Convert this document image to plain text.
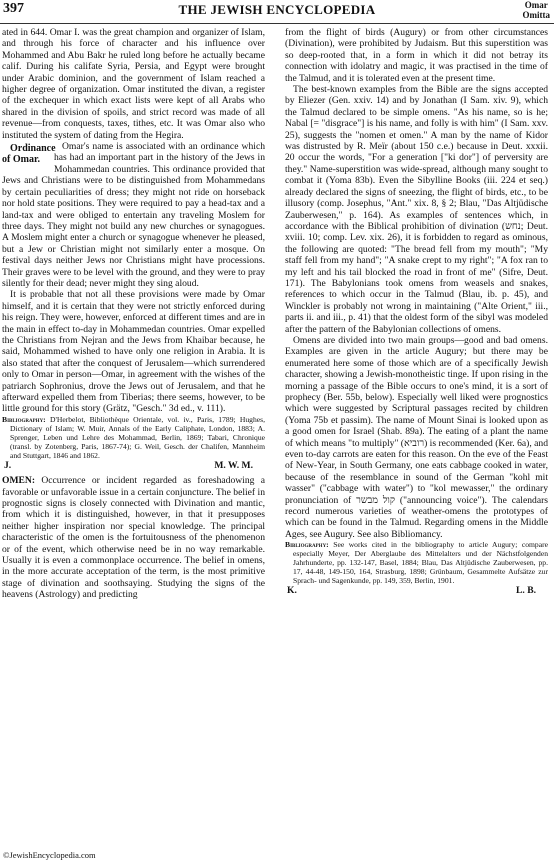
397	THE JEWISH ENCYCLOPEDIA	Omar
Omitta

ated in 644. Omar I. was the great champion and organizer of Islam, and through his force of character and his influence over Mohammed and Abu Bakr he ruled long before he actually became calif. During his califate Syria, Persia, and Egypt were brought under Arabic dominion, and the government of Islam reached a higher degree of organization. Omar instituted the divan, a register of the exchequer in which exact lists were kept of all Arabs who shared in the division of spoils, and strict record was made of all revenue—from conquests, taxes, tithes, etc. It was Omar also who instituted the system of dating from the Hegira.

Ordinance
of Omar.
Omar's name is associated with an ordinance which has had an important part in the history of the Jews in Mohammedan countries. This ordinance provided that Jews and Christians were to be distinguished from Mohammedans by certain peculiarities of dress; they might not ride on horseback nor hold state positions. They were required to pay a head-tax and a land-tax and were obliged to entertain any traveling Moslem for three days. They might not build any new churches or synagogues. A Moslem might enter a church or synagogue whenever he pleased, but a Jew or Christian might not similarly enter a mosque. On festival days neither Jews nor Christians might have processions. Their graves were to be level with the ground, and they were to pray silently for their dead; never might they sing aloud.

It is probable that not all these provisions were made by Omar himself, and it is certain that they were not strictly enforced during his reign. They were, however, enforced at different times and are in the main in effect to-day in Mohammedan countries. Omar expelled the Christians from Nejran and the Jews from Khaibar because, he said, Mohammed wished to have only one religion in Arabia. It is also stated that after the conquest of Jerusalem—which surrendered only to Omar in person—Omar, in agreement with the wishes of the patriarch Sophronius, drove the Jews out of Jerusalem, and that he afterward expelled them from Tiberias; there seems, however, to be little ground for this story (Grätz, "Gesch." 3d ed., v. 111).

Bibliography: D'Herbelot, Bibliothèque Orientale, vol. iv., Paris, 1789; Hughes, Dictionary of Islam; W. Muir, Annals of the Early Caliphate, London, 1883; A. Sprenger, Leben und Lehre des Mohammad, Berlin, 1869; Tabari, Chronique (transl. by Zotenberg, Paris, 1867-74); G. Weil, Gesch. der Chalifen, Mannheim and Stuttgart, 1846 and 1862.

J.	M. W. M.

OMEN: Occurrence or incident regarded as foreshadowing a favorable or unfavorable issue in a certain conjuncture. The belief in prognostic signs is closely connected with Divination and mantic, from which it is distinguished, however, in that it presupposes neither higher inspiration nor special knowledge. The principal characteristic of the omen is the fortuitousness of the phenomenon or of the event, which otherwise need be in no way remarkable. Usually it is even a commonplace occurrence. The belief in omens, in the more accurate acceptation of the term, is the most primitive stage of divination and soothsaying. Studying the signs of the heavens (Astrology) and predicting

from the flight of birds (Augury) or from other circumstances (Divination), were prohibited by Judaism. But this superstition was so deep-rooted that, in a form in which it did not betray its connection with idolatry and magic, it was practised in the time of the Talmud, and it is tolerated even at the present time.

The best-known examples from the Bible are the signs accepted by Eliezer (Gen. xxiv. 14) and by Jonathan (I Sam. xiv. 9), which the Talmud declared to be simple omens. "As his name, so is he; Nabal [= "disgrace"] is his name, and folly is with him" (I Sam. xxv. 25), suggests the "nomen et omen." A man by the name of Kidor was distrusted by R. Meïr (about 150 c.e.) because in Deut. xxxii. 20 occur the words, "For a generation ["ki dor"] of perversity are they." Name-superstition was wide-spread, although many sought to combat it (Yoma 83b). Even the Sibylline Books (iii. 224 et seq.) already declared the signs of sneezing, the flight of birds, etc., to be illusory (comp. Josephus, "Ant." xix. 8, § 2; Blau, "Das Altjüdische Zauberwesen," p. 164). As examples of sentences which, in accordance with the Biblical prohibition of divination (נחש; Deut. xviii. 10; comp. Lev. xix. 26), it is forbidden to regard as ominous, the following are quoted: "The bread fell from my mouth"; "My staff fell from my hand"; "A snake crept to my right"; "A fox ran to my left and his tail blocked the road in front of me" (Sifre, Deut. 171). The Babylonians took omens from weasels and snakes, references to which occur in the Talmud (Blau, ib. p. 45), and Winckler is probably not wrong in maintaining ("Alte Orient," iii., parts ii. and iii., p. 41) that the oldest form of the sibyl was modeled after the pattern of the Babylonian collections of omens.

Omens are divided into two main groups—good and bad omens. Examples are given in the article Augury; but there may be enumerated here some of those which are of a specifically Jewish character, showing a Jewish-monotheistic tinge. If upon rising in the morning a passage of the Bible occurs to one's mind, it is a sort of prophecy (Ber. 55b, below). Especially well liked were prognostics which were suggested by Scriptural passages recited by children (Yoma 75b et passim). The name of Mount Sinai is looked upon as a good omen for Israel (Shab. 89a). The eating of a plant the name of which means "to multiply" (רוביא) is recommended (Ker. 6a), and even to-day carrots are eaten for this reason. On the eve of the Feast of New-Year, in South Germany, one eats cabbage cooked in water, because of the resemblance in sound of the German "kohl mit wasser" ("cabbage with water") to "kol mewasser," the ordinary pronunciation of קול מבשר ("announcing voice"). The calendars record numerous varieties of weather-omens the prototypes of which can be found in the Talmud. Regarding omens in the Middle Ages, see Augury. See also Bibliomancy.

Bibliography: See works cited in the bibliography to article Augury; compare especially Meyer, Der Aberglaube des Mittelalters und der Nächstfolgenden Jahrhunderte, pp. 132-147, Basel, 1884; Blau, Das Altjüdische Zauberwesen, pp. 17, 44-48, 149-150, 164, Strasburg, 1898; Grünbaum, Gesammelte Aufsätze zur Sprach- und Sagenkunde, pp. 149, 359, Berlin, 1901.

K.	L. B.
©JewishEncyclopedia.com
